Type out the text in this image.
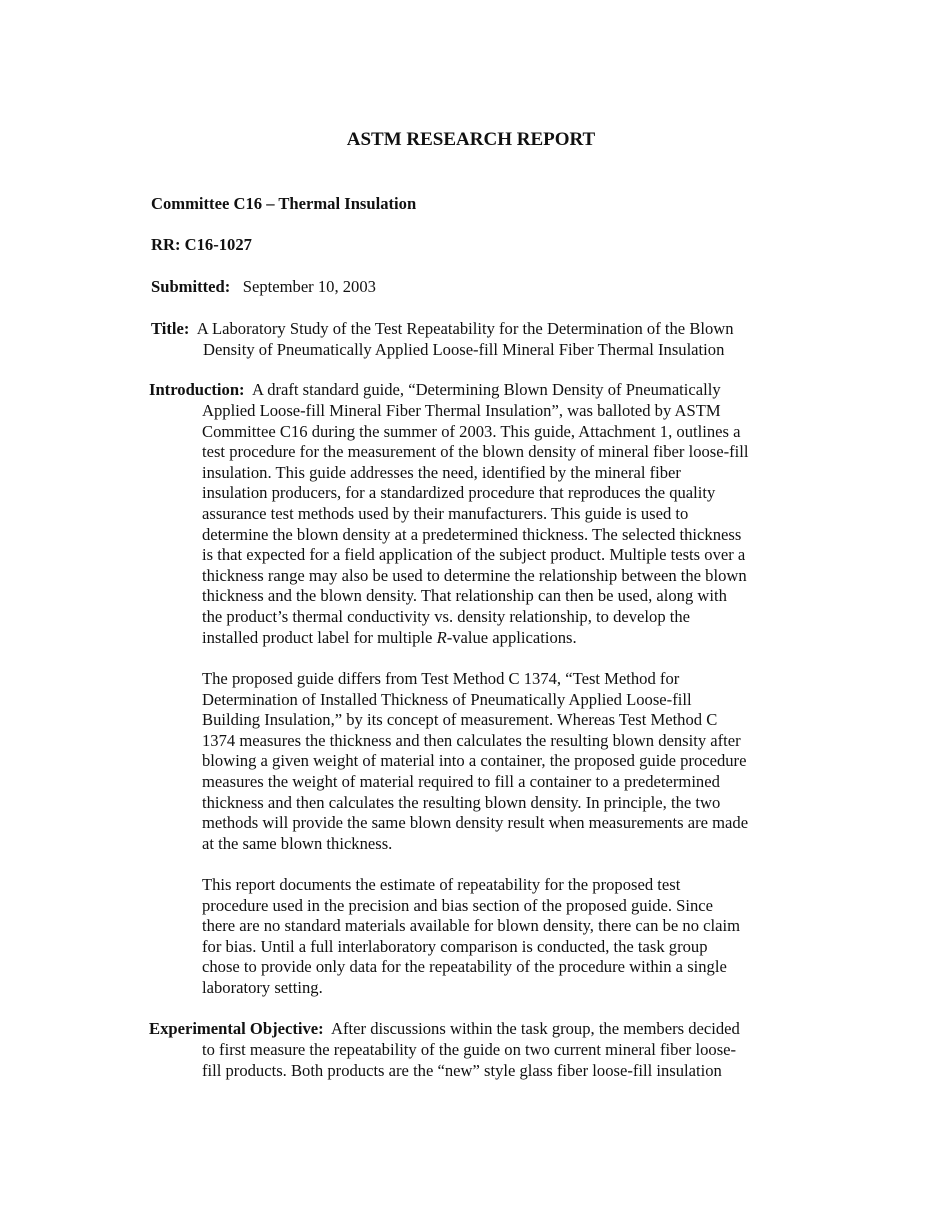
ASTM RESEARCH REPORT
Committee C16 – Thermal Insulation
RR: C16-1027
Submitted: September 10, 2003
Title: A Laboratory Study of the Test Repeatability for the Determination of the Blown
Density of Pneumatically Applied Loose-fill Mineral Fiber Thermal Insulation
Introduction: A draft standard guide, “Determining Blown Density of Pneumatically
Applied Loose-fill Mineral Fiber Thermal Insulation”, was balloted by ASTM
Committee C16 during the summer of 2003. This guide, Attachment 1, outlines a
test procedure for the measurement of the blown density of mineral fiber loose-fill
insulation. This guide addresses the need, identified by the mineral fiber
insulation producers, for a standardized procedure that reproduces the quality
assurance test methods used by their manufacturers. This guide is used to
determine the blown density at a predetermined thickness. The selected thickness
is that expected for a field application of the subject product. Multiple tests over a
thickness range may also be used to determine the relationship between the blown
thickness and the blown density. That relationship can then be used, along with
the product’s thermal conductivity vs. density relationship, to develop the
installed product label for multiple R-value applications.
The proposed guide differs from Test Method C 1374, “Test Method for
Determination of Installed Thickness of Pneumatically Applied Loose-fill
Building Insulation,” by its concept of measurement. Whereas Test Method C
1374 measures the thickness and then calculates the resulting blown density after
blowing a given weight of material into a container, the proposed guide procedure
measures the weight of material required to fill a container to a predetermined
thickness and then calculates the resulting blown density. In principle, the two
methods will provide the same blown density result when measurements are made
at the same blown thickness.
This report documents the estimate of repeatability for the proposed test
procedure used in the precision and bias section of the proposed guide. Since
there are no standard materials available for blown density, there can be no claim
for bias. Until a full interlaboratory comparison is conducted, the task group
chose to provide only data for the repeatability of the procedure within a single
laboratory setting.
Experimental Objective: After discussions within the task group, the members decided
to first measure the repeatability of the guide on two current mineral fiber loose-
fill products. Both products are the “new” style glass fiber loose-fill insulation
